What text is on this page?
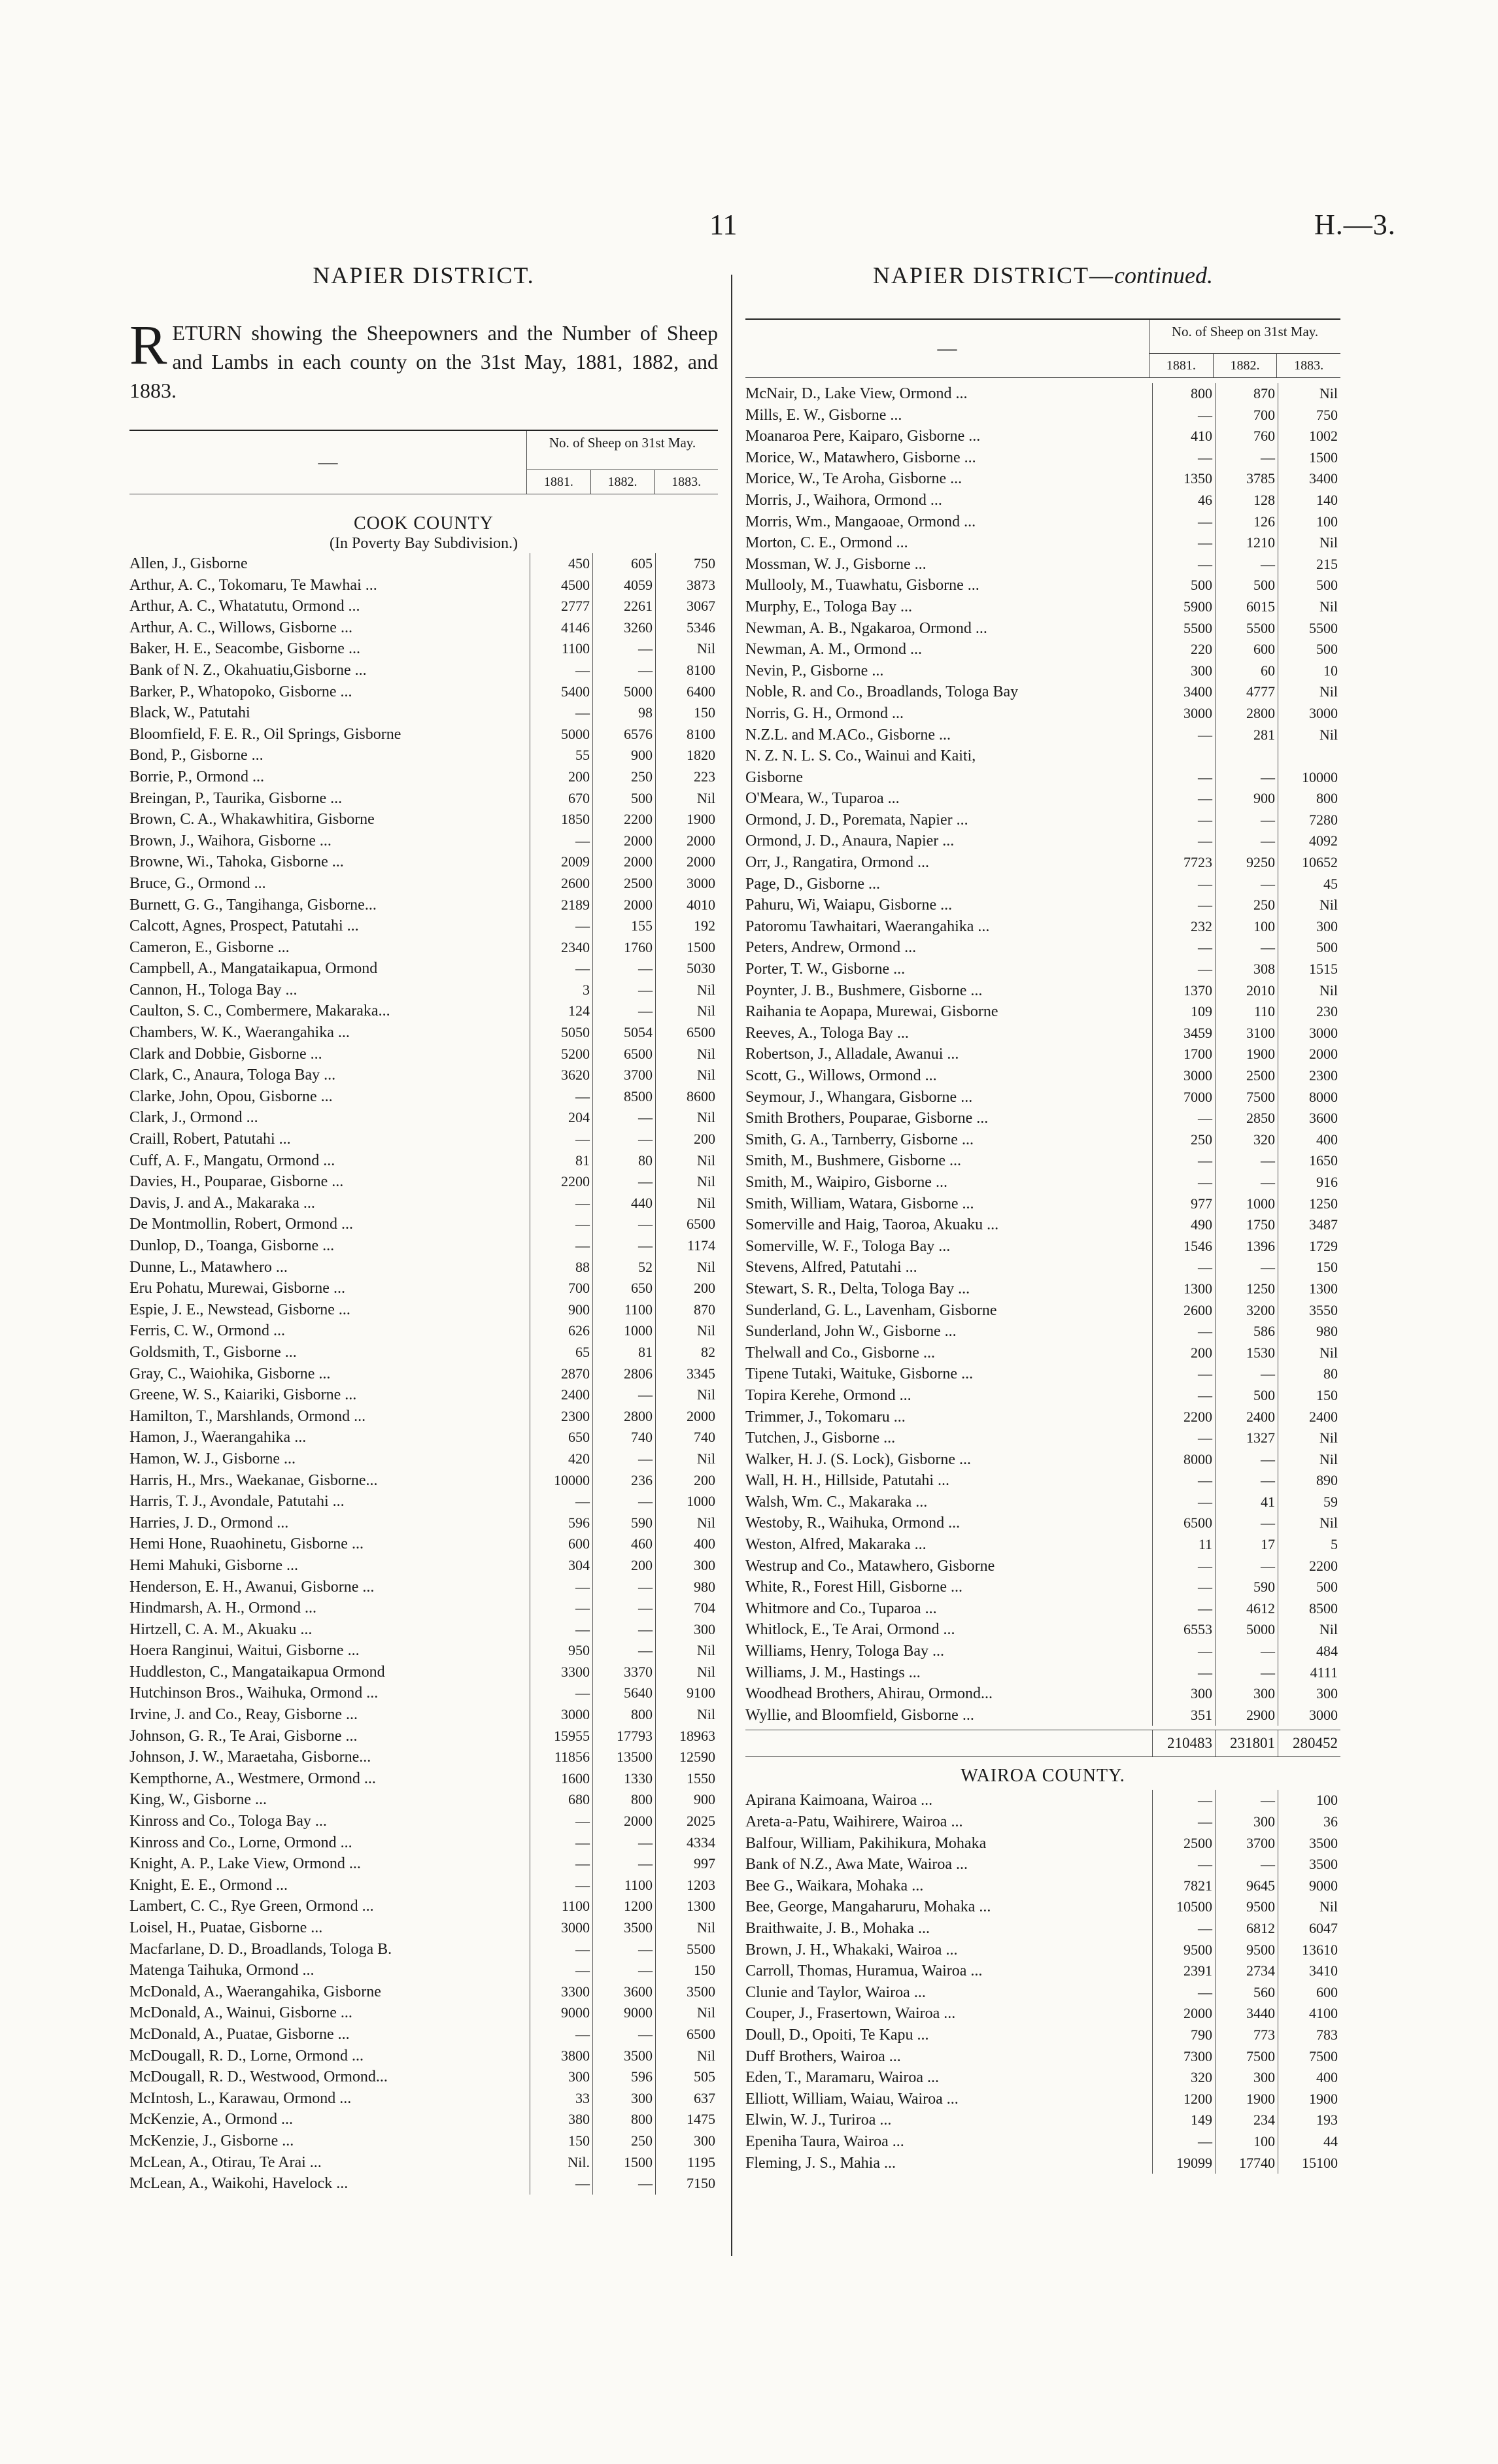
11	H.—3.
NAPIER DISTRICT.

RETURN showing the Sheepowners and the Number of Sheep and Lambs in each county on the 31st May, 1881, 1882, and 1883.

—
No. of Sheep on 31st May.
1881.	1882.	1883.
COOK COUNTY
(In Poverty Bay Subdivision.)
Allen, J., Gisborne	450	605	750
Arthur, A. C., Tokomaru, Te Mawhai ...	4500	4059	3873
Arthur, A. C., Whatatutu, Ormond ...	2777	2261	3067
Arthur, A. C., Willows, Gisborne ...	4146	3260	5346
Baker, H. E., Seacombe, Gisborne ...	1100	—	Nil
Bank of N. Z., Okahuatiu,Gisborne ...	—	—	8100
Barker, P., Whatopoko, Gisborne ...	5400	5000	6400
Black, W., Patutahi	—	98	150
Bloomfield, F. E. R., Oil Springs, Gisborne	5000	6576	8100
Bond, P., Gisborne ...	55	900	1820
Borrie, P., Ormond ...	200	250	223
Breingan, P., Taurika, Gisborne ...	670	500	Nil
Brown, C. A., Whakawhitira, Gisborne	1850	2200	1900
Brown, J., Waihora, Gisborne ...	—	2000	2000
Browne, Wi., Tahoka, Gisborne ...	2009	2000	2000
Bruce, G., Ormond ...	2600	2500	3000
Burnett, G. G., Tangihanga, Gisborne...	2189	2000	4010
Calcott, Agnes, Prospect, Patutahi ...	—	155	192
Cameron, E., Gisborne ...	2340	1760	1500
Campbell, A., Mangataikapua, Ormond	—	—	5030
Cannon, H., Tologa Bay ...	3	—	Nil
Caulton, S. C., Combermere, Makaraka...	124	—	Nil
Chambers, W. K., Waerangahika ...	5050	5054	6500
Clark and Dobbie, Gisborne ...	5200	6500	Nil
Clark, C., Anaura, Tologa Bay ...	3620	3700	Nil
Clarke, John, Opou, Gisborne ...	—	8500	8600
Clark, J., Ormond ...	204	—	Nil
Craill, Robert, Patutahi ...	—	—	200
Cuff, A. F., Mangatu, Ormond ...	81	80	Nil
Davies, H., Pouparae, Gisborne ...	2200	—	Nil
Davis, J. and A., Makaraka ...	—	440	Nil
De Montmollin, Robert, Ormond ...	—	—	6500
Dunlop, D., Toanga, Gisborne ...	—	—	1174
Dunne, L., Matawhero ...	88	52	Nil
Eru Pohatu, Murewai, Gisborne ...	700	650	200
Espie, J. E., Newstead, Gisborne ...	900	1100	870
Ferris, C. W., Ormond ...	626	1000	Nil
Goldsmith, T., Gisborne ...	65	81	82
Gray, C., Waiohika, Gisborne ...	2870	2806	3345
Greene, W. S., Kaiariki, Gisborne ...	2400	—	Nil
Hamilton, T., Marshlands, Ormond ...	2300	2800	2000
Hamon, J., Waerangahika ...	650	740	740
Hamon, W. J., Gisborne ...	420	—	Nil
Harris, H., Mrs., Waekanae, Gisborne...	10000	236	200
Harris, T. J., Avondale, Patutahi ...	—	—	1000
Harries, J. D., Ormond ...	596	590	Nil
Hemi Hone, Ruaohinetu, Gisborne ...	600	460	400
Hemi Mahuki, Gisborne ...	304	200	300
Henderson, E. H., Awanui, Gisborne ...	—	—	980
Hindmarsh, A. H., Ormond ...	—	—	704
Hirtzell, C. A. M., Akuaku ...	—	—	300
Hoera Ranginui, Waitui, Gisborne ...	950	—	Nil
Huddleston, C., Mangataikapua Ormond	3300	3370	Nil
Hutchinson Bros., Waihuka, Ormond ...	—	5640	9100
Irvine, J. and Co., Reay, Gisborne ...	3000	800	Nil
Johnson, G. R., Te Arai, Gisborne ...	15955	17793	18963
Johnson, J. W., Maraetaha, Gisborne...	11856	13500	12590
Kempthorne, A., Westmere, Ormond ...	1600	1330	1550
King, W., Gisborne ...	680	800	900
Kinross and Co., Tologa Bay ...	—	2000	2025
Kinross and Co., Lorne, Ormond ...	—	—	4334
Knight, A. P., Lake View, Ormond ...	—	—	997
Knight, E. E., Ormond ...	—	1100	1203
Lambert, C. C., Rye Green, Ormond ...	1100	1200	1300
Loisel, H., Puatae, Gisborne ...	3000	3500	Nil
Macfarlane, D. D., Broadlands, Tologa B.	—	—	5500
Matenga Taihuka, Ormond ...	—	—	150
McDonald, A., Waerangahika, Gisborne	3300	3600	3500
McDonald, A., Wainui, Gisborne ...	9000	9000	Nil
McDonald, A., Puatae, Gisborne ...	—	—	6500
McDougall, R. D., Lorne, Ormond ...	3800	3500	Nil
McDougall, R. D., Westwood, Ormond...	300	596	505
McIntosh, L., Karawau, Ormond ...	33	300	637
McKenzie, A., Ormond ...	380	800	1475
McKenzie, J., Gisborne ...	150	250	300
McLean, A., Otirau, Te Arai ...	Nil.	1500	1195
McLean, A., Waikohi, Havelock ...	—	—	7150
NAPIER DISTRICT—continued.
—
No. of Sheep on 31st May.
1881.	1882.	1883.
McNair, D., Lake View, Ormond ...	800	870	Nil
Mills, E. W., Gisborne ...	—	700	750
Moanaroa Pere, Kaiparo, Gisborne ...	410	760	1002
Morice, W., Matawhero, Gisborne ...	—	—	1500
Morice, W., Te Aroha, Gisborne ...	1350	3785	3400
Morris, J., Waihora, Ormond ...	46	128	140
Morris, Wm., Mangaoae, Ormond ...	—	126	100
Morton, C. E., Ormond ...	—	1210	Nil
Mossman, W. J., Gisborne ...	—	—	215
Mullooly, M., Tuawhatu, Gisborne ...	500	500	500
Murphy, E., Tologa Bay ...	5900	6015	Nil
Newman, A. B., Ngakaroa, Ormond ...	5500	5500	5500
Newman, A. M., Ormond ...	220	600	500
Nevin, P., Gisborne ...	300	60	10
Noble, R. and Co., Broadlands, Tologa Bay	3400	4777	Nil
Norris, G. H., Ormond ...	3000	2800	3000
N.Z.L. and M.ACo., Gisborne ...	—	281	Nil
N. Z. N. L. S. Co., Wainui and Kaiti,
Gisborne	—	—	10000
O'Meara, W., Tuparoa ...	—	900	800
Ormond, J. D., Poremata, Napier ...	—	—	7280
Ormond, J. D., Anaura, Napier ...	—	—	4092
Orr, J., Rangatira, Ormond ...	7723	9250	10652
Page, D., Gisborne ...	—	—	45
Pahuru, Wi, Waiapu, Gisborne ...	—	250	Nil
Patoromu Tawhaitari, Waerangahika ...	232	100	300
Peters, Andrew, Ormond ...	—	—	500
Porter, T. W., Gisborne ...	—	308	1515
Poynter, J. B., Bushmere, Gisborne ...	1370	2010	Nil
Raihania te Aopapa, Murewai, Gisborne	109	110	230
Reeves, A., Tologa Bay ...	3459	3100	3000
Robertson, J., Alladale, Awanui ...	1700	1900	2000
Scott, G., Willows, Ormond ...	3000	2500	2300
Seymour, J., Whangara, Gisborne ...	7000	7500	8000
Smith Brothers, Pouparae, Gisborne ...	—	2850	3600
Smith, G. A., Tarnberry, Gisborne ...	250	320	400
Smith, M., Bushmere, Gisborne ...	—	—	1650
Smith, M., Waipiro, Gisborne ...	—	—	916
Smith, William, Watara, Gisborne ...	977	1000	1250
Somerville and Haig, Taoroa, Akuaku ...	490	1750	3487
Somerville, W. F., Tologa Bay ...	1546	1396	1729
Stevens, Alfred, Patutahi ...	—	—	150
Stewart, S. R., Delta, Tologa Bay ...	1300	1250	1300
Sunderland, G. L., Lavenham, Gisborne	2600	3200	3550
Sunderland, John W., Gisborne ...	—	586	980
Thelwall and Co., Gisborne ...	200	1530	Nil
Tipene Tutaki, Waituke, Gisborne ...	—	—	80
Topira Kerehe, Ormond ...	—	500	150
Trimmer, J., Tokomaru ...	2200	2400	2400
Tutchen, J., Gisborne ...	—	1327	Nil
Walker, H. J. (S. Lock), Gisborne ...	8000	—	Nil
Wall, H. H., Hillside, Patutahi ...	—	—	890
Walsh, Wm. C., Makaraka ...	—	41	59
Westoby, R., Waihuka, Ormond ...	6500	—	Nil
Weston, Alfred, Makaraka ...	11	17	5
Westrup and Co., Matawhero, Gisborne	—	—	2200
White, R., Forest Hill, Gisborne ...	—	590	500
Whitmore and Co., Tuparoa ...	—	4612	8500
Whitlock, E., Te Arai, Ormond ...	6553	5000	Nil
Williams, Henry, Tologa Bay ...	—	—	484
Williams, J. M., Hastings ...	—	—	4111
Woodhead Brothers, Ahirau, Ormond...	300	300	300
Wyllie, and Bloomfield, Gisborne ...	351	2900	3000
210483	231801	280452
WAIROA COUNTY.
Apirana Kaimoana, Wairoa ...	—	—	100
Areta-a-Patu, Waihirere, Wairoa ...	—	300	36
Balfour, William, Pakihikura, Mohaka	2500	3700	3500
Bank of N.Z., Awa Mate, Wairoa ...	—	—	3500
Bee G., Waikara, Mohaka ...	7821	9645	9000
Bee, George, Mangaharuru, Mohaka ...	10500	9500	Nil
Braithwaite, J. B., Mohaka ...	—	6812	6047
Brown, J. H., Whakaki, Wairoa ...	9500	9500	13610
Carroll, Thomas, Huramua, Wairoa ...	2391	2734	3410
Clunie and Taylor, Wairoa ...	—	560	600
Couper, J., Frasertown, Wairoa ...	2000	3440	4100
Doull, D., Opoiti, Te Kapu ...	790	773	783
Duff Brothers, Wairoa ...	7300	7500	7500
Eden, T., Maramaru, Wairoa ...	320	300	400
Elliott, William, Waiau, Wairoa ...	1200	1900	1900
Elwin, W. J., Turiroa ...	149	234	193
Epeniha Taura, Wairoa ...	—	100	44
Fleming, J. S., Mahia ...	19099	17740	15100
